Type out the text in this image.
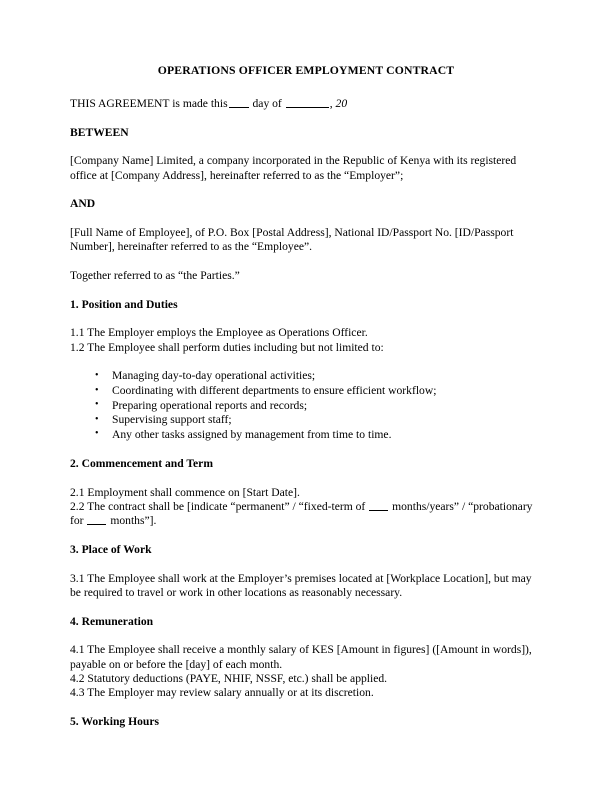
OPERATIONS OFFICER EMPLOYMENT CONTRACT

THIS AGREEMENT is made this day of	, 20

BETWEEN

[Company Name] Limited, a company incorporated in the Republic of Kenya with its registered office at [Company Address], hereinafter referred to as the “Employer”;

AND

[Full Name of Employee], of P.O. Box [Postal Address], National ID/Passport No. [ID/Passport Number], hereinafter referred to as the “Employee”.

Together referred to as “the Parties.”

1. Position and Duties

1.1 The Employer employs the Employee as Operations Officer.

1.2 The Employee shall perform duties including but not limited to:

• Managing day-to-day operational activities;
• Coordinating with different departments to ensure efficient workflow;
• Preparing operational reports and records;
• Supervising support staff;
• Any other tasks assigned by management from time to time.
2. Commencement and Term

2.1 Employment shall commence on [Start Date].

2.2 The contract shall be [indicate “permanent” / “fixed-term of months/years” / “probationary for months”].

3. Place of Work

3.1 The Employee shall work at the Employer’s premises located at [Workplace Location], but may be required to travel or work in other locations as reasonably necessary.

4. Remuneration

4.1 The Employee shall receive a monthly salary of KES [Amount in figures] ([Amount in words]), payable on or before the [day] of each month.

4.2 Statutory deductions (PAYE, NHIF, NSSF, etc.) shall be applied.

4.3 The Employer may review salary annually or at its discretion.

5. Working Hours
